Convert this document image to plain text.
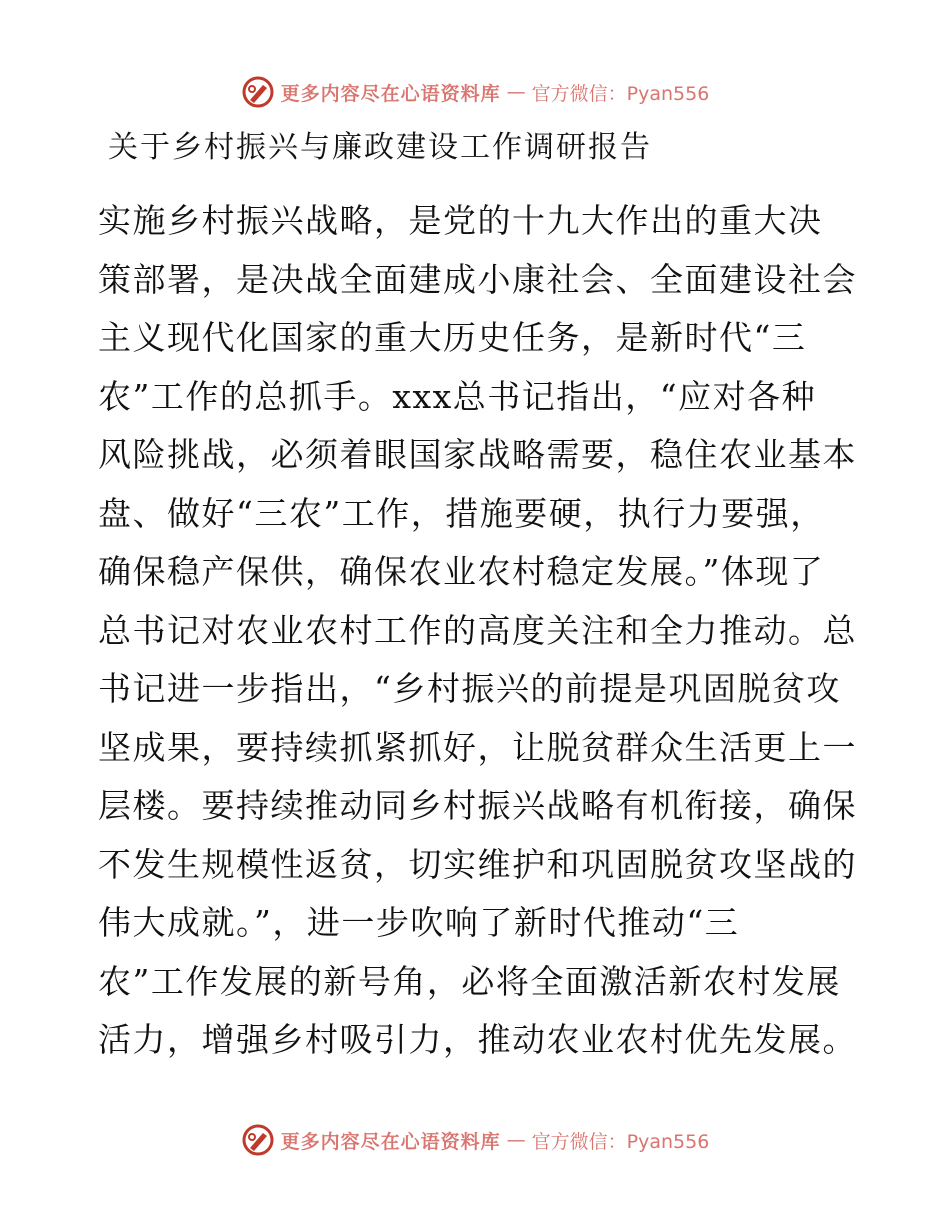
更多内容尽在心语资料库 — 官方微信：Pyan556
关于乡村振兴与廉政建设工作调研报告
实施乡村振兴战略，是党的十九大作出的重大决
策部署，是决战全面建成小康社会、全面建设社会
主义现代化国家的重大历史任务，是新时代“三
农”工作的总抓手。xxx总书记指出，“应对各种
风险挑战，必须着眼国家战略需要，稳住农业基本
盘、做好“三农”工作，措施要硬，执行力要强，
确保稳产保供，确保农业农村稳定发展。”体现了
总书记对农业农村工作的高度关注和全力推动。总
书记进一步指出，“乡村振兴的前提是巩固脱贫攻
坚成果，要持续抓紧抓好，让脱贫群众生活更上一
层楼。要持续推动同乡村振兴战略有机衔接，确保
不发生规模性返贫，切实维护和巩固脱贫攻坚战的
伟大成就。”，进一步吹响了新时代推动“三
农”工作发展的新号角，必将全面激活新农村发展
活力，增强乡村吸引力，推动农业农村优先发展。
更多内容尽在心语资料库 — 官方微信：Pyan556
